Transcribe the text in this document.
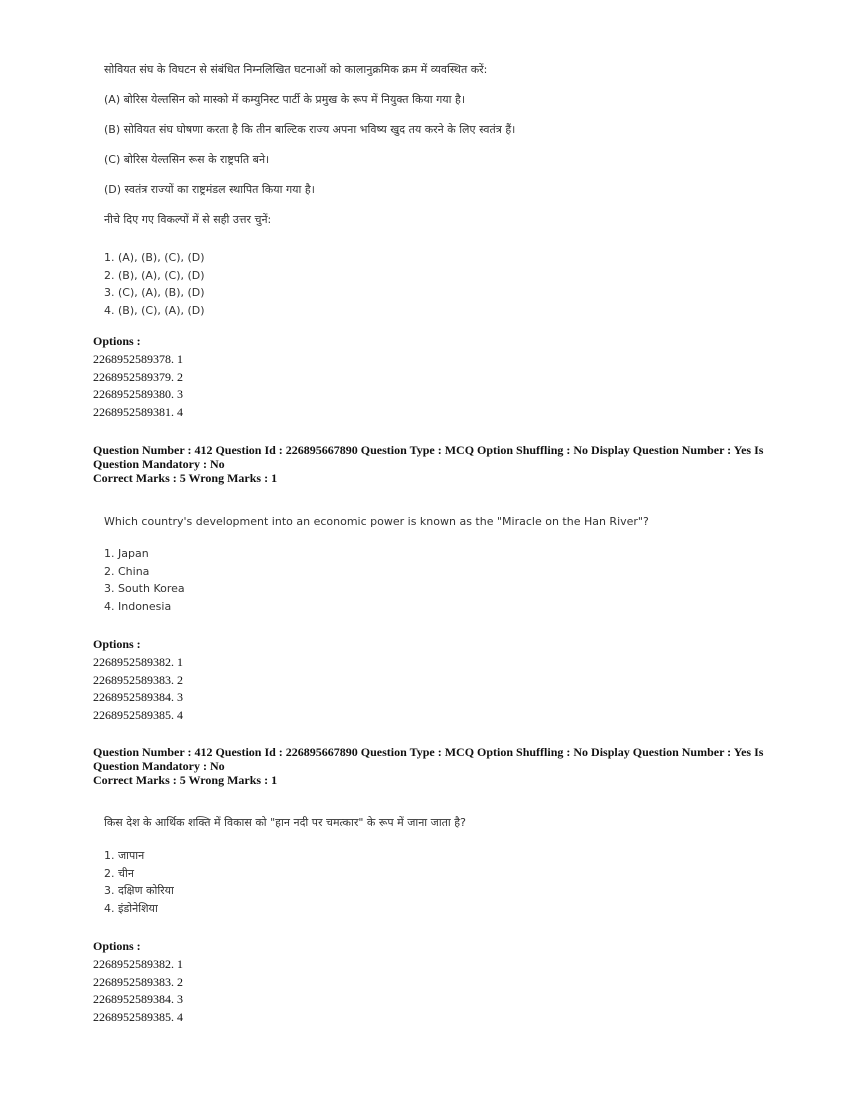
सोवियत संघ के विघटन से संबंधित निम्नलिखित घटनाओं को कालानुक्रमिक क्रम में व्यवस्थित करें:
(A) बोरिस येल्तसिन को मास्को में कम्युनिस्ट पार्टी के प्रमुख के रूप में नियुक्त किया गया है।
(B) सोवियत संघ घोषणा करता है कि तीन बाल्टिक राज्य अपना भविष्य खुद तय करने के लिए स्वतंत्र हैं।
(C) बोरिस येल्तसिन रूस के राष्ट्रपति बने।
(D) स्वतंत्र राज्यों का राष्ट्रमंडल स्थापित किया गया है।
नीचे दिए गए विकल्पों में से सही उत्तर चुनें:
1. (A), (B), (C), (D)
2. (B), (A), (C), (D)
3. (C), (A), (B), (D)
4. (B), (C), (A), (D)
Options :
2268952589378. 1
2268952589379. 2
2268952589380. 3
2268952589381. 4
Question Number : 412 Question Id : 226895667890 Question Type : MCQ Option Shuffling : No Display Question Number : Yes Is
Question Mandatory : No
Correct Marks : 5 Wrong Marks : 1
Which country's development into an economic power is known as the "Miracle on the Han River"?
1. Japan
2. China
3. South Korea
4. Indonesia
Options :
2268952589382. 1
2268952589383. 2
2268952589384. 3
2268952589385. 4
Question Number : 412 Question Id : 226895667890 Question Type : MCQ Option Shuffling : No Display Question Number : Yes Is
Question Mandatory : No
Correct Marks : 5 Wrong Marks : 1
किस देश के आर्थिक शक्ति में विकास को "हान नदी पर चमत्कार" के रूप में जाना जाता है?
1. जापान
2. चीन
3. दक्षिण कोरिया
4. इंडोनेशिया
Options :
2268952589382. 1
2268952589383. 2
2268952589384. 3
2268952589385. 4
